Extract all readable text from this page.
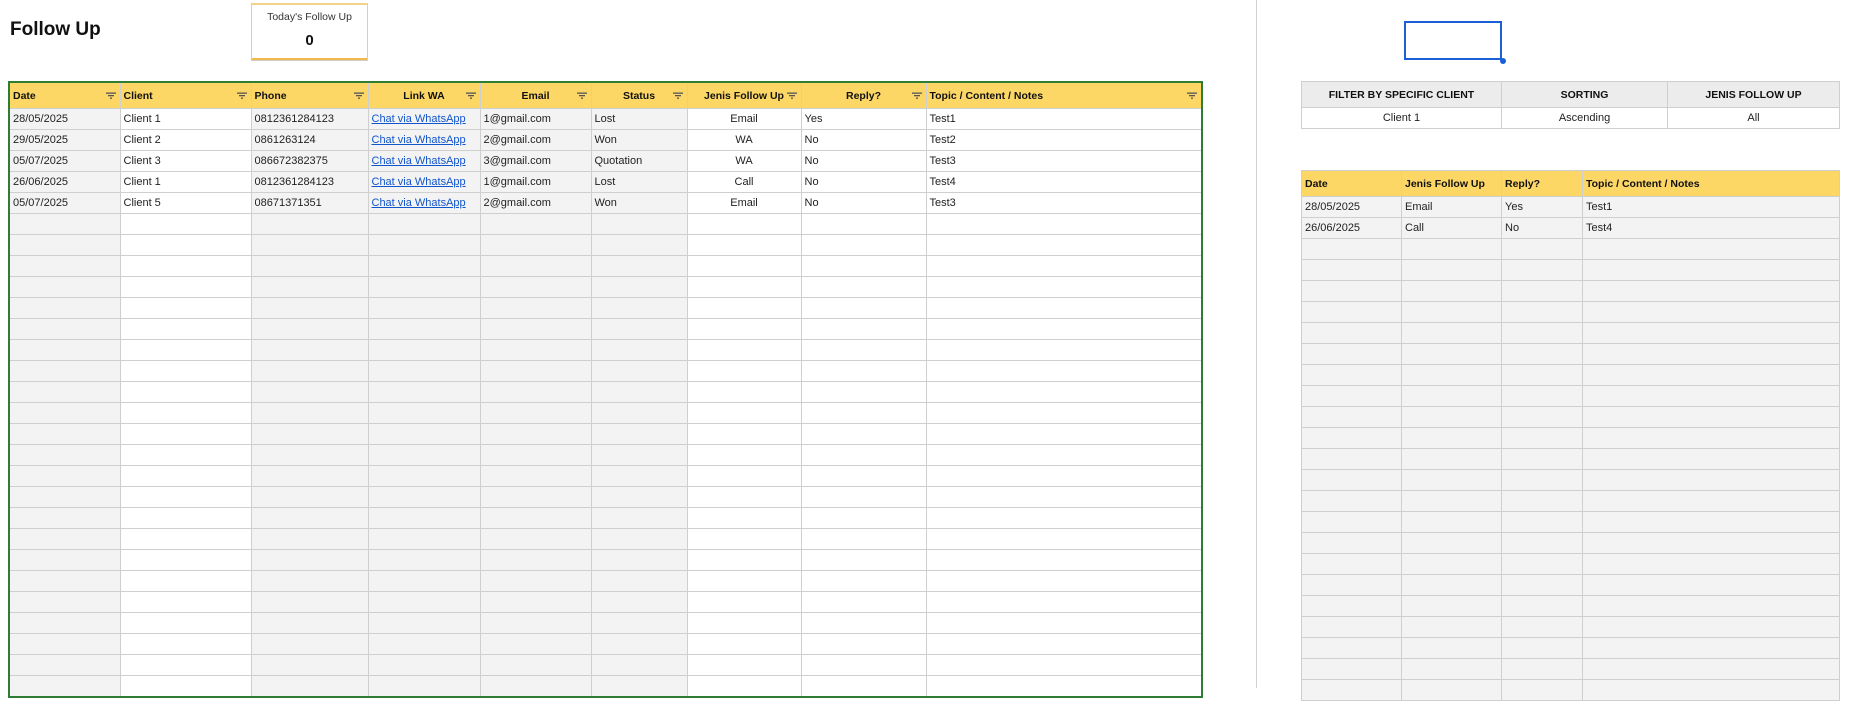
Follow Up
Today's Follow Up
0
Date	Client	Phone	Link WA	Email	Status	Jenis Follow Up	Reply?	Topic / Content / Notes

28/05/2025	Client 1	0812361284123	Chat via WhatsApp	1@gmail.com	Lost	Email	Yes	Test1
29/05/2025	Client 2	0861263124	Chat via WhatsApp	2@gmail.com	Won	WA	No	Test2
05/07/2025	Client 3	086672382375	Chat via WhatsApp	3@gmail.com	Quotation	WA	No	Test3
26/06/2025	Client 1	0812361284123	Chat via WhatsApp	1@gmail.com	Lost	Call	No	Test4
05/07/2025	Client 5	08671371351	Chat via WhatsApp	2@gmail.com	Won	Email	No	Test3

FILTER BY SPECIFIC CLIENT	SORTING	JENIS FOLLOW UP
Client 1	Ascending	All
Date	Jenis Follow Up	Reply?	Topic / Content / Notes
28/05/2025	Email	Yes	Test1
26/06/2025	Call	No	Test4
